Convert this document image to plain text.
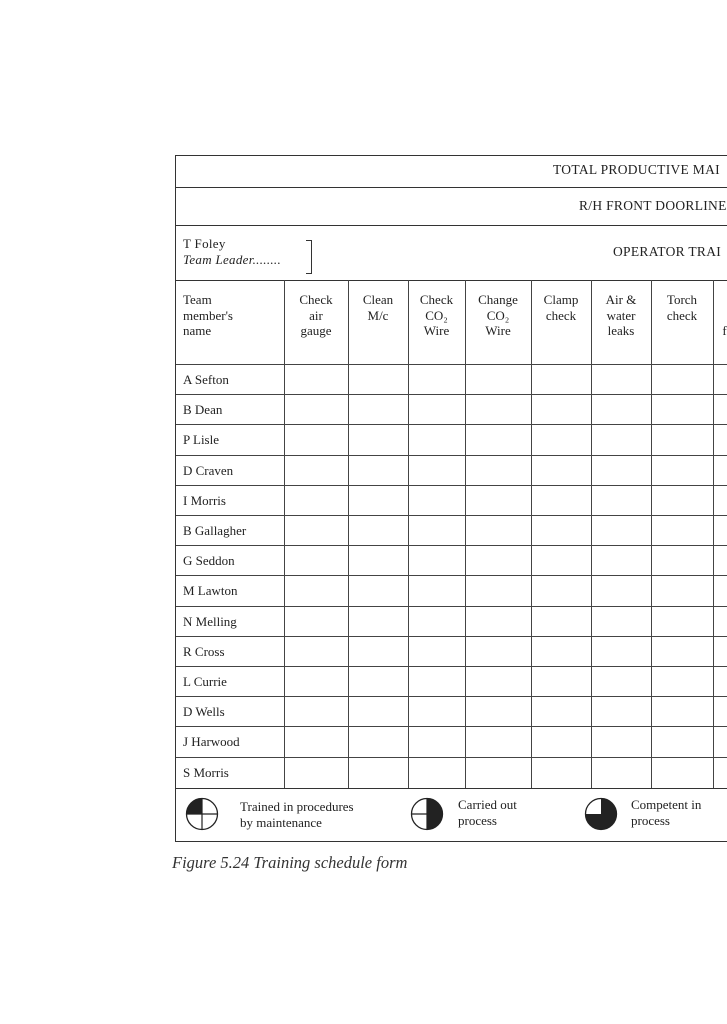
TOTAL PRODUCTIVE MAI
R/H FRONT DOORLINE
T Foley
Team Leader........
OPERATOR TRAI
Team
member's
name
Check
air
gauge
Clean
M/c
Check
CO₂
Wire
Change
CO₂
Wire
Clamp
check
Air &
water
leaks
Torch
check
f
A Sefton
B Dean
P Lisle
D Craven
I Morris
B Gallagher
G Seddon
M Lawton
N Melling
R Cross
L Currie
D Wells
J Harwood
S Morris
Trained in procedures
by maintenance
Carried out
process
Competent in
process
Figure 5.24 Training schedule form
